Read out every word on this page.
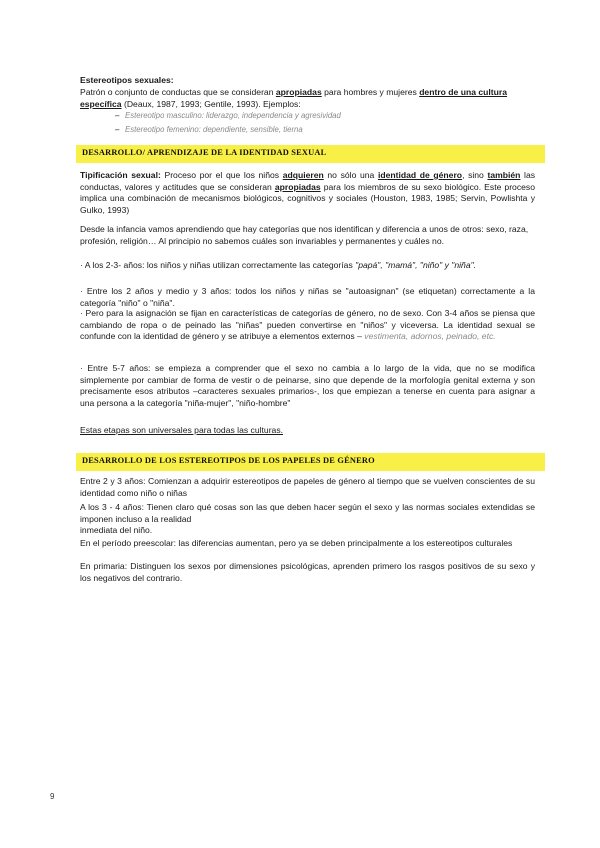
Estereotipos sexuales:
Patrón o conjunto de conductas que se consideran apropiadas para hombres y mujeres dentro de una cultura específica (Deaux, 1987, 1993; Gentile, 1993). Ejemplos:
– Estereotipo masculino: liderazgo, independencia y agresividad
– Estereotipo femenino: dependiente, sensible, tierna
DESARROLLO/ APRENDIZAJE DE LA IDENTIDAD SEXUAL
Tipificación sexual: Proceso por el que los niños adquieren no sólo una identidad de género, sino también las conductas, valores y actitudes que se consideran apropiadas para los miembros de su sexo biológico. Este proceso implica una combinación de mecanismos biológicos, cognitivos y sociales (Houston, 1983, 1985; Servin, Powlishta y Gulko, 1993)
Desde la infancia vamos aprendiendo que hay categorías que nos identifican y diferencia a unos de otros: sexo, raza, profesión, religión… Al principio no sabemos cuáles son invariables y permanentes y cuáles no.
· A los 2-3- años: los niños y niñas utilizan correctamente las categorías "papá", "mamá", "niño" y "niña".
· Entre los 2 años y medio y 3 años: todos los niños y niñas se "autoasignan" (se etiquetan) correctamente a la categoría "niño" o "niña".
· Pero para la asignación se fijan en características de categorías de género, no de sexo. Con 3-4 años se piensa que cambiando de ropa o de peinado las "niñas" pueden convertirse en "niños" y viceversa. La identidad sexual se confunde con la identidad de género y se atribuye a elementos externos – vestimenta, adornos, peinado, etc.
· Entre 5-7 años: se empieza a comprender que el sexo no cambia a lo largo de la vida, que no se modifica simplemente por cambiar de forma de vestir o de peinarse, sino que depende de la morfología genital externa y son precisamente esos atributos –caracteres sexuales primarios-, los que empiezan a tenerse en cuenta para asignar a una persona a la categoría "niña-mujer", "niño-hombre"
Estas etapas son universales para todas las culturas.
DESARROLLO DE LOS ESTEREOTIPOS DE LOS PAPELES DE GÉNERO
Entre 2 y 3 años: Comienzan a adquirir estereotipos de papeles de género al tiempo que se vuelven conscientes de su identidad como niño o niñas
A los 3 - 4 años: Tienen claro qué cosas son las que deben hacer según el sexo y las normas sociales extendidas se imponen incluso a la realidad
inmediata del niño.
En el período preescolar: las diferencias aumentan, pero ya se deben principalmente a los estereotipos culturales
En primaria: Distinguen los sexos por dimensiones psicológicas, aprenden primero los rasgos positivos de su sexo y los negativos del contrario.
9
